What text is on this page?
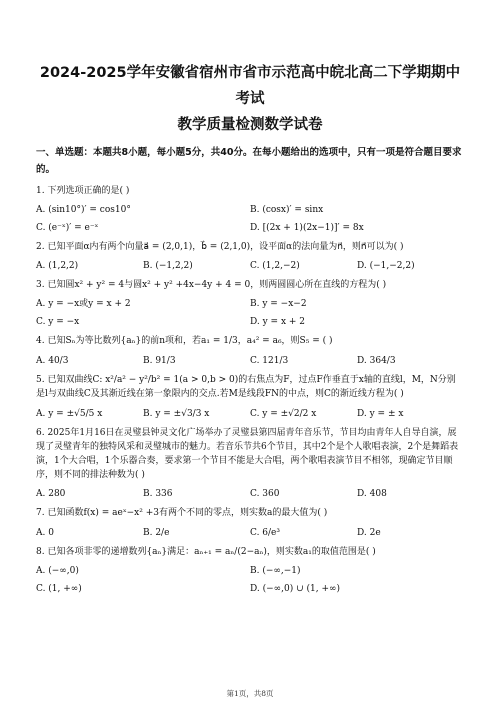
2024-2025学年安徽省宿州市省市示范高中皖北高二下学期期中考试
教学质量检测数学试卷
一、单选题：本题共8小题，每小题5分，共40分。在每小题给出的选项中，只有一项是符合题目要求的。
1. 下列选项正确的是( )
A. (sin10°)′ = cos10°	B. (cosx)′ = sinx
C. (e⁻ˣ)′ = e⁻ˣ	D. [(2x + 1)(2x−1)]′ = 8x
2. 已知平面α内有两个向量a⃗ = (2,0,1)，b⃗ = (2,1,0)，设平面α的法向量为n⃗，则n⃗可以为( )
A. (1,2,2)	B. (−1,2,2)	C. (1,2,−2)	D. (−1,−2,2)
3. 已知圆x² + y² = 4与圆x² + y² +4x−4y + 4 = 0，则两圆圆心所在直线的方程为( )
A. y = −x或y = x + 2	B. y = −x−2
C. y = −x	D. y = x + 2
4. 已知Sₙ为等比数列{aₙ}的前n项和，若a₁ = 1/3，a₄² = a₆，则S₅ = ( )
A. 40/3	B. 91/3	C. 121/3	D. 364/3
5. 已知双曲线C: x²/a² − y²/b² = 1(a > 0,b > 0)的右焦点为F，过点F作垂直于x轴的直线l，M，N分别是l与双曲线C及其渐近线在第一象限内的交点.若M是线段FN的中点，则C的渐近线方程为( )
A. y = ±√5/5 x	B. y = ±√3/3 x	C. y = ±√2/2 x	D. y = ± x
6. 2025年1月16日在灵璧县钟灵文化广场举办了灵璧县第四届青年音乐节，节目均由青年人自导自演，展现了灵璧青年的独特风采和灵璧城市的魅力。若音乐节共6个节目，其中2个是个人歌唱表演，2个是舞蹈表演，1个大合唱，1个乐器合奏，要求第一个节目不能是大合唱，两个歌唱表演节目不相邻，现确定节目顺序，则不同的排法种数为( )
A. 280	B. 336	C. 360	D. 408
7. 已知函数f(x) = aeˣ−x² +3有两个不同的零点，则实数a的最大值为( )
A. 0	B. 2/e	C. 6/e³	D. 2e
8. 已知各项非零的递增数列{aₙ}满足：aₙ₊₁ = aₙ/(2−aₙ)，则实数a₁的取值范围是( )
A. (−∞,0)	B. (−∞,−1)
C. (1, +∞)	D. (−∞,0) ∪ (1, +∞)
第1页，共8页
